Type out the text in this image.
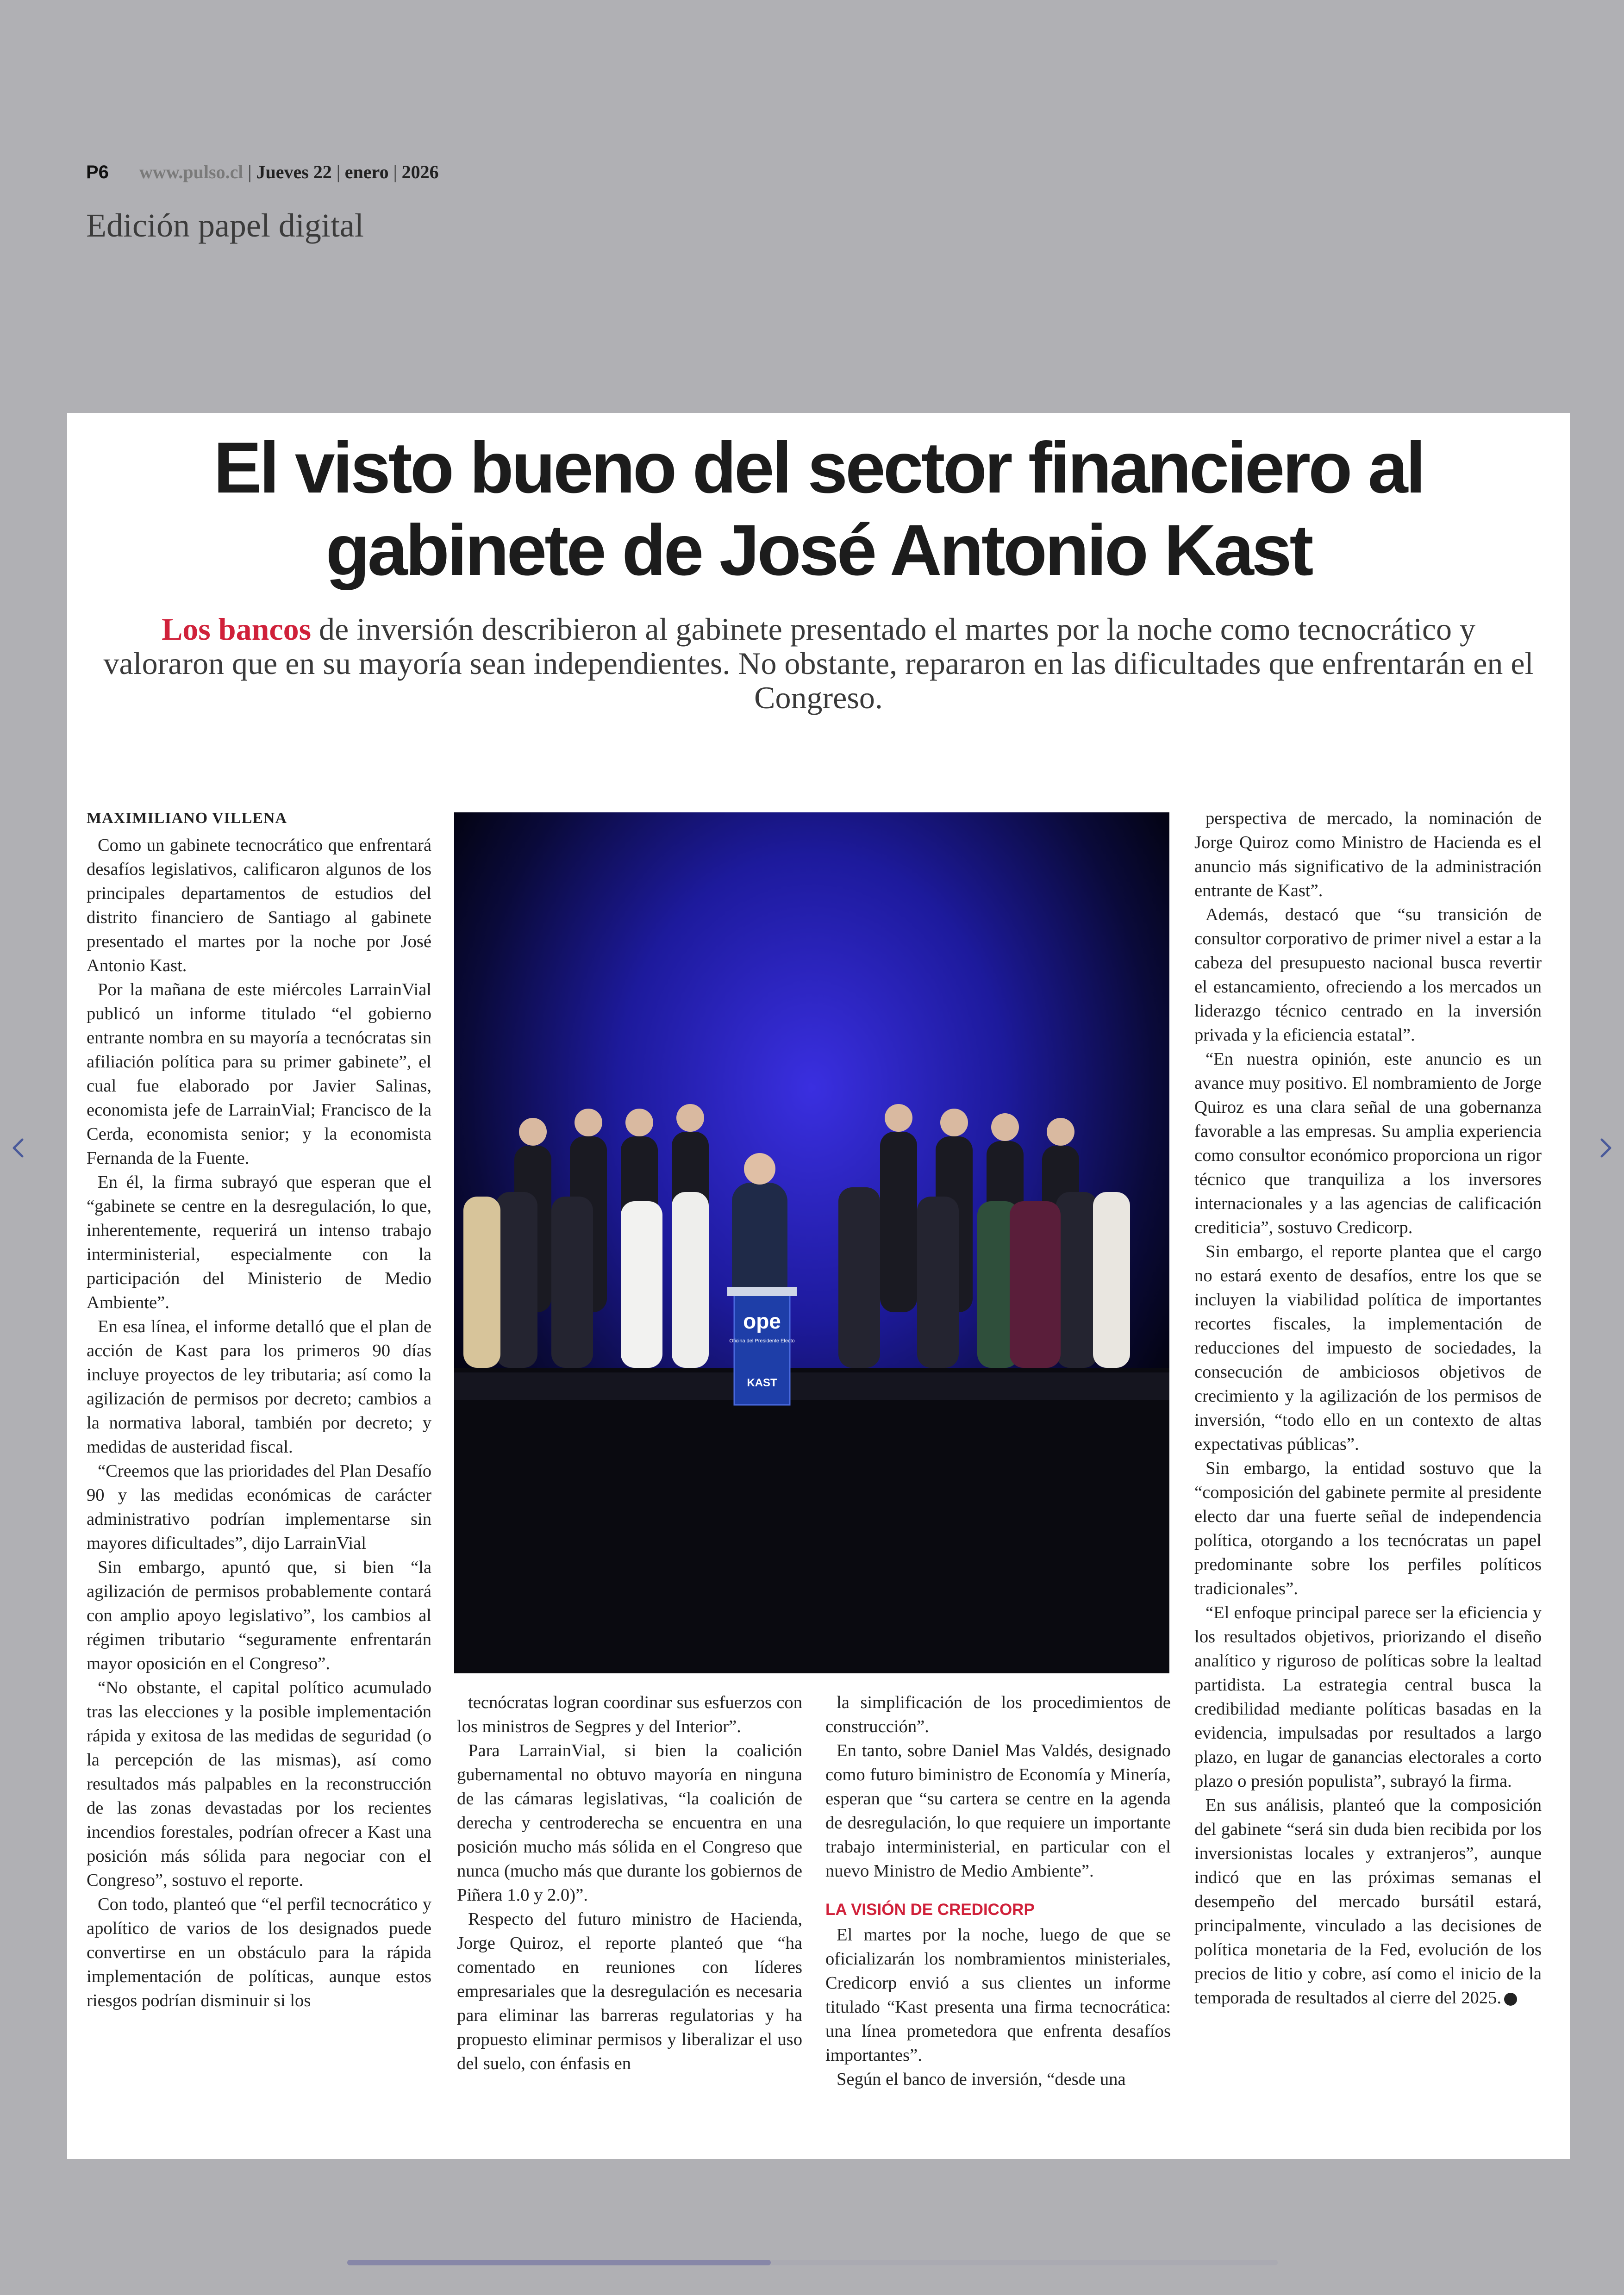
P6 www.pulso.cl | Jueves 22 | enero | 2026
Edición papel digital
El visto bueno del sector financiero al
gabinete de José Antonio Kast
Los bancos de inversión describieron al gabinete presentado el martes por la noche como tecnocrático y valoraron que en su mayoría sean independientes. No obstante, repararon en las dificultades que enfrentarán en el Congreso.
MAXIMILIANO VILLENA

Como un gabinete tecnocrático que enfrentará desafíos legislativos, calificaron algunos de los principales departamentos de estudios del distrito financiero de Santiago al gabinete presentado el martes por la noche por José Antonio Kast.

Por la mañana de este miércoles LarrainVial publicó un informe titulado “el gobierno entrante nombra en su mayoría a tecnócratas sin afiliación política para su primer gabinete”, el cual fue elaborado por Javier Salinas, economista jefe de LarrainVial; Francisco de la Cerda, economista senior; y la economista Fernanda de la Fuente.

En él, la firma subrayó que esperan que el “gabinete se centre en la desregulación, lo que, inherentemente, requerirá un intenso trabajo interministerial, especialmente con la participación del Ministerio de Medio Ambiente”.

En esa línea, el informe detalló que el plan de acción de Kast para los primeros 90 días incluye proyectos de ley tributaria; así como la agilización de permisos por decreto; cambios a la normativa laboral, también por decreto; y medidas de austeridad fiscal.

“Creemos que las prioridades del Plan Desafío 90 y las medidas económicas de carácter administrativo podrían implementarse sin mayores dificultades”, dijo LarrainVial

Sin embargo, apuntó que, si bien “la agilización de permisos probablemente contará con amplio apoyo legislativo”, los cambios al régimen tributario “seguramente enfrentarán mayor oposición en el Congreso”.

“No obstante, el capital político acumulado tras las elecciones y la posible implementación rápida y exitosa de las medidas de seguridad (o la percepción de las mismas), así como resultados más palpables en la reconstrucción de las zonas devastadas por los recientes incendios forestales, podrían ofrecer a Kast una posición más sólida para negociar con el Congreso”, sostuvo el reporte.

Con todo, planteó que “el perfil tecnocrático y apolítico de varios de los designados puede convertirse en un obstáculo para la rápida implementación de políticas, aunque estos riesgos podrían disminuir si los

ope
Oficina del Presidente Electo
KAST

tecnócratas logran coordinar sus esfuerzos con los ministros de Segpres y del Interior”.

Para LarrainVial, si bien la coalición gubernamental no obtuvo mayoría en ninguna de las cámaras legislativas, “la coalición de derecha y centroderecha se encuentra en una posición mucho más sólida en el Congreso que nunca (mucho más que durante los gobiernos de Piñera 1.0 y 2.0)”.

Respecto del futuro ministro de Hacienda, Jorge Quiroz, el reporte planteó que “ha comentado en reuniones con líderes empresariales que la desregulación es necesaria para eliminar las barreras regulatorias y ha propuesto eliminar permisos y liberalizar el uso del suelo, con énfasis en

la simplificación de los procedimientos de construcción”.

En tanto, sobre Daniel Mas Valdés, designado como futuro biministro de Economía y Minería, esperan que “su cartera se centre en la agenda de desregulación, lo que requiere un importante trabajo interministerial, en particular con el nuevo Ministro de Medio Ambiente”.

LA VISIÓN DE CREDICORP

El martes por la noche, luego de que se oficializarán los nombramientos ministeriales, Credicorp envió a sus clientes un informe titulado “Kast presenta una firma tecnocrática: una línea prometedora que enfrenta desafíos importantes”.

Según el banco de inversión, “desde una

perspectiva de mercado, la nominación de Jorge Quiroz como Ministro de Hacienda es el anuncio más significativo de la administración entrante de Kast”.

Además, destacó que “su transición de consultor corporativo de primer nivel a estar a la cabeza del presupuesto nacional busca revertir el estancamiento, ofreciendo a los mercados un liderazgo técnico centrado en la inversión privada y la eficiencia estatal”.

“En nuestra opinión, este anuncio es un avance muy positivo. El nombramiento de Jorge Quiroz es una clara señal de una gobernanza favorable a las empresas. Su amplia experiencia como consultor económico proporciona un rigor técnico que tranquiliza a los inversores internacionales y a las agencias de calificación crediticia”, sostuvo Credicorp.

Sin embargo, el reporte plantea que el cargo no estará exento de desafíos, entre los que se incluyen la viabilidad política de importantes recortes fiscales, la implementación de reducciones del impuesto de sociedades, la consecución de ambiciosos objetivos de crecimiento y la agilización de los permisos de inversión, “todo ello en un contexto de altas expectativas públicas”.

Sin embargo, la entidad sostuvo que la “composición del gabinete permite al presidente electo dar una fuerte señal de independencia política, otorgando a los tecnócratas un papel predominante sobre los perfiles políticos tradicionales”.

“El enfoque principal parece ser la eficiencia y los resultados objetivos, priorizando el diseño analítico y riguroso de políticas sobre la lealtad partidista. La estrategia central busca la credibilidad mediante políticas basadas en la evidencia, impulsadas por resultados a largo plazo, en lugar de ganancias electorales a corto plazo o presión populista”, subrayó la firma.

En sus análisis, planteó que la composición del gabinete “será sin duda bien recibida por los inversionistas locales y extranjeros”, aunque indicó que en las próximas semanas el desempeño del mercado bursátil estará, principalmente, vinculado a las decisiones de política monetaria de la Fed, evolución de los precios de litio y cobre, así como el inicio de la temporada de resultados al cierre del 2025.
